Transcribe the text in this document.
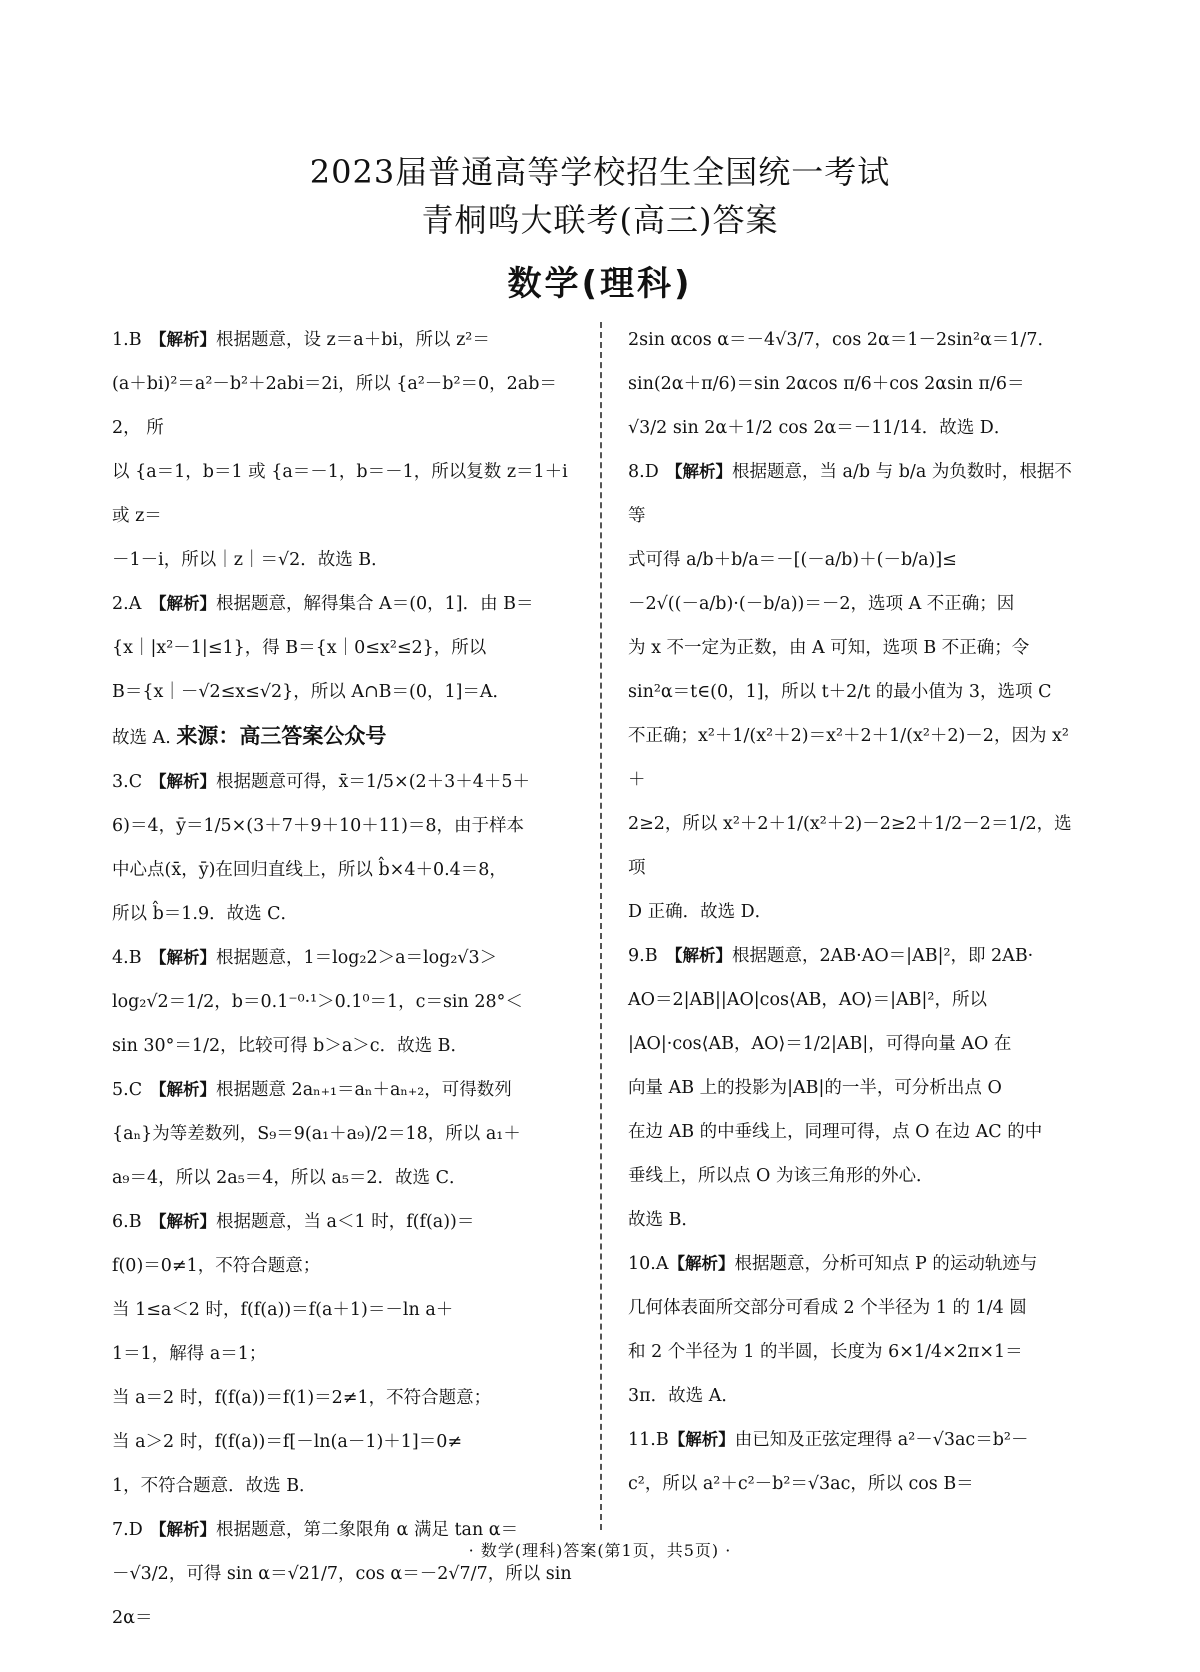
2023届普通高等学校招生全国统一考试
青桐鸣大联考(高三)答案
数学(理科)
1.B 【解析】根据题意，设 z＝a＋bi，所以 z²＝
(a＋bi)²＝a²－b²＋2abi＝2i，所以 {a²－b²＝0，2ab＝2， 所
以 {a＝1，b＝1 或 {a＝－1，b＝－1，所以复数 z＝1＋i 或 z＝
－1－i，所以｜z｜＝√2．故选 B．
2.A 【解析】根据题意，解得集合 A＝(0，1]．由 B＝
{x｜|x²－1|≤1}，得 B＝{x｜0≤x²≤2}，所以
B＝{x｜－√2≤x≤√2}，所以 A∩B＝(0，1]＝A．
故选 A. 来源：高三答案公众号
3.C 【解析】根据题意可得，x̄＝1/5×(2＋3＋4＋5＋
6)＝4，ȳ＝1/5×(3＋7＋9＋10＋11)＝8，由于样本
中心点(x̄，ȳ)在回归直线上，所以 b̂×4＋0.4＝8，
所以 b̂＝1.9．故选 C．
4.B 【解析】根据题意，1＝log₂2＞a＝log₂√3＞
log₂√2＝1/2，b＝0.1⁻⁰·¹＞0.1⁰＝1，c＝sin 28°＜
sin 30°＝1/2，比较可得 b＞a＞c．故选 B．
5.C 【解析】根据题意 2aₙ₊₁＝aₙ＋aₙ₊₂，可得数列
{aₙ}为等差数列，S₉＝9(a₁＋a₉)/2＝18，所以 a₁＋
a₉＝4，所以 2a₅＝4，所以 a₅＝2．故选 C．
6.B 【解析】根据题意，当 a＜1 时，f(f(a))＝
f(0)＝0≠1，不符合题意；
当 1≤a＜2 时，f(f(a))＝f(a＋1)＝－ln a＋
1＝1，解得 a＝1；
当 a＝2 时，f(f(a))＝f(1)＝2≠1，不符合题意；
当 a＞2 时，f(f(a))＝f[－ln(a－1)＋1]＝0≠
1，不符合题意．故选 B．
7.D 【解析】根据题意，第二象限角 α 满足 tan α＝
－√3/2，可得 sin α＝√21/7，cos α＝－2√7/7，所以 sin 2α＝
2sin αcos α＝－4√3/7，cos 2α＝1－2sin²α＝1/7．
sin(2α＋π/6)＝sin 2αcos π/6＋cos 2αsin π/6＝
√3/2 sin 2α＋1/2 cos 2α＝－11/14．故选 D．
8.D 【解析】根据题意，当 a/b 与 b/a 为负数时，根据不等
式可得 a/b＋b/a＝－[(－a/b)＋(－b/a)]≤
－2√((－a/b)·(－b/a))＝－2，选项 A 不正确；因
为 x 不一定为正数，由 A 可知，选项 B 不正确；令
sin²α＝t∈(0，1]，所以 t＋2/t 的最小值为 3，选项 C
不正确；x²＋1/(x²＋2)＝x²＋2＋1/(x²＋2)－2，因为 x²＋
2≥2，所以 x²＋2＋1/(x²＋2)－2≥2＋1/2－2＝1/2，选项
D 正确．故选 D．
9.B 【解析】根据题意，2AB·AO＝|AB|²，即 2AB·
AO＝2|AB||AO|cos⟨AB，AO⟩＝|AB|²，所以
|AO|·cos⟨AB，AO⟩＝1/2|AB|，可得向量 AO 在
向量 AB 上的投影为|AB|的一半，可分析出点 O
在边 AB 的中垂线上，同理可得，点 O 在边 AC 的中
垂线上，所以点 O 为该三角形的外心．
故选 B．
10.A【解析】根据题意，分析可知点 P 的运动轨迹与
几何体表面所交部分可看成 2 个半径为 1 的 1/4 圆
和 2 个半径为 1 的半圆，长度为 6×1/4×2π×1＝
3π．故选 A．
11.B【解析】由已知及正弦定理得 a²－√3ac＝b²－
c²，所以 a²＋c²－b²＝√3ac，所以 cos B＝
· 数学(理科)答案(第1页，共5页) ·
